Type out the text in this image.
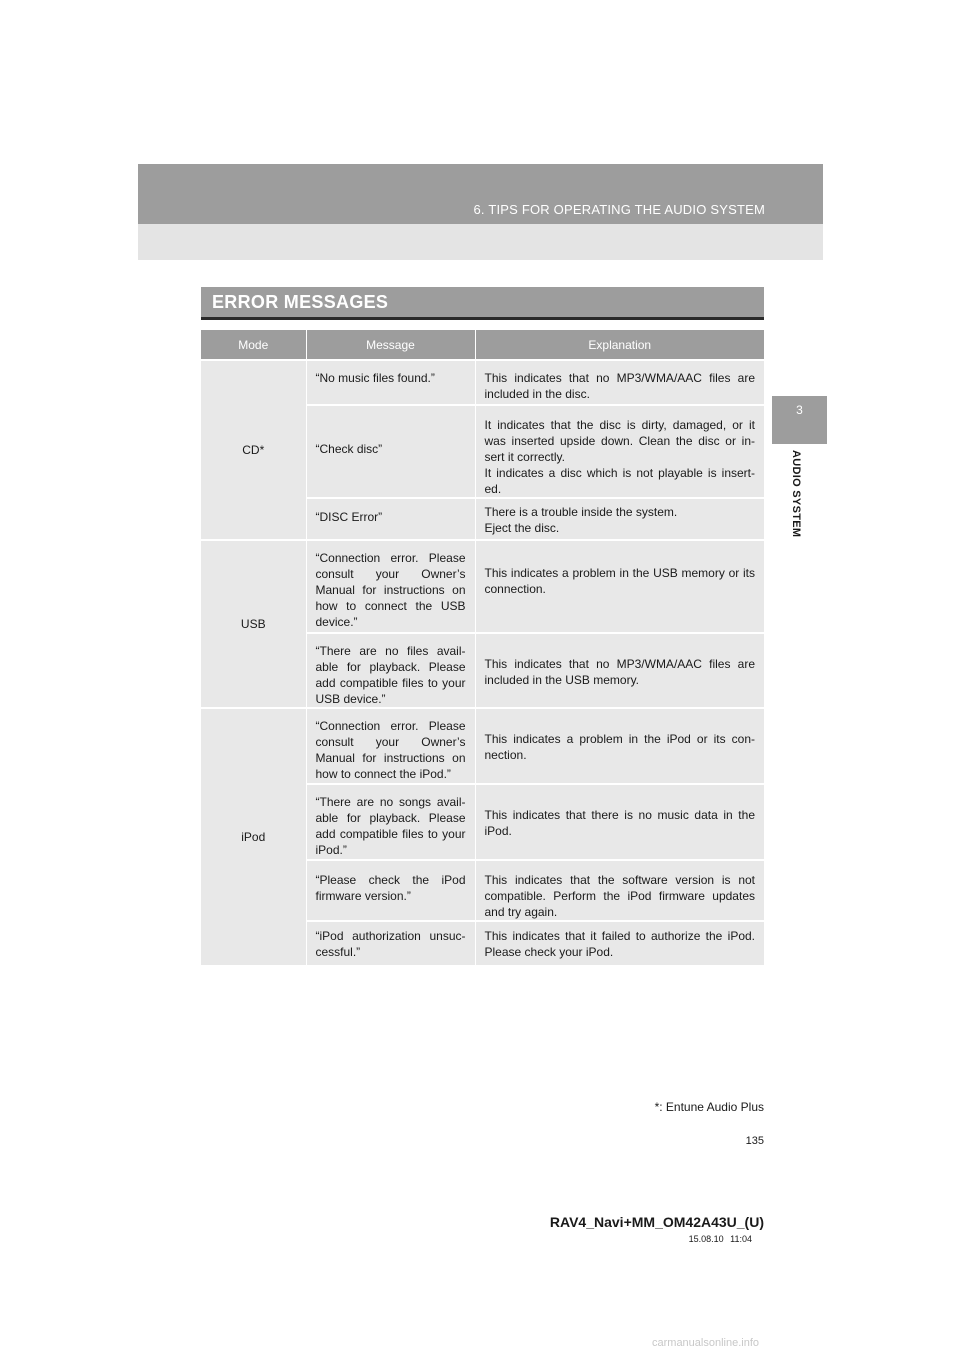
6. TIPS FOR OPERATING THE AUDIO SYSTEM
3
AUDIO SYSTEM
ERROR MESSAGES
Mode	Message	Explanation
CD*	“No music files found.”	This indicates that no MP3/WMA/AAC files are included in the disc.
	“Check disc”	It indicates that the disc is dirty, damaged, or it was inserted upside down. Clean the disc or in-sert it correctly.
It indicates a disc which is not playable is insert-ed.
	“DISC Error”	There is a trouble inside the system.
Eject the disc.
USB	“Connection error. Please consult your Owner’s Manual for instructions on how to connect the USB device.”	This indicates a problem in the USB memory or its connection.
	“There are no files avail-able for playback. Please add compatible files to your USB device.”	This indicates that no MP3/WMA/AAC files are included in the USB memory.
iPod	“Connection error. Please consult your Owner’s Manual for instructions on how to connect the iPod.”	This indicates a problem in the iPod or its con-nection.
	“There are no songs avail-able for playback. Please add compatible files to your iPod.”	This indicates that there is no music data in the iPod.
	“Please check the iPod firmware version.”	This indicates that the software version is not compatible. Perform the iPod firmware updates and try again.
	“iPod authorization unsuc-cessful.”	This indicates that it failed to authorize the iPod. Please check your iPod.
*: Entune Audio Plus
135
RAV4_Navi+MM_OM42A43U_(U)
15.08.10 11:04
carmanualsonline.info
